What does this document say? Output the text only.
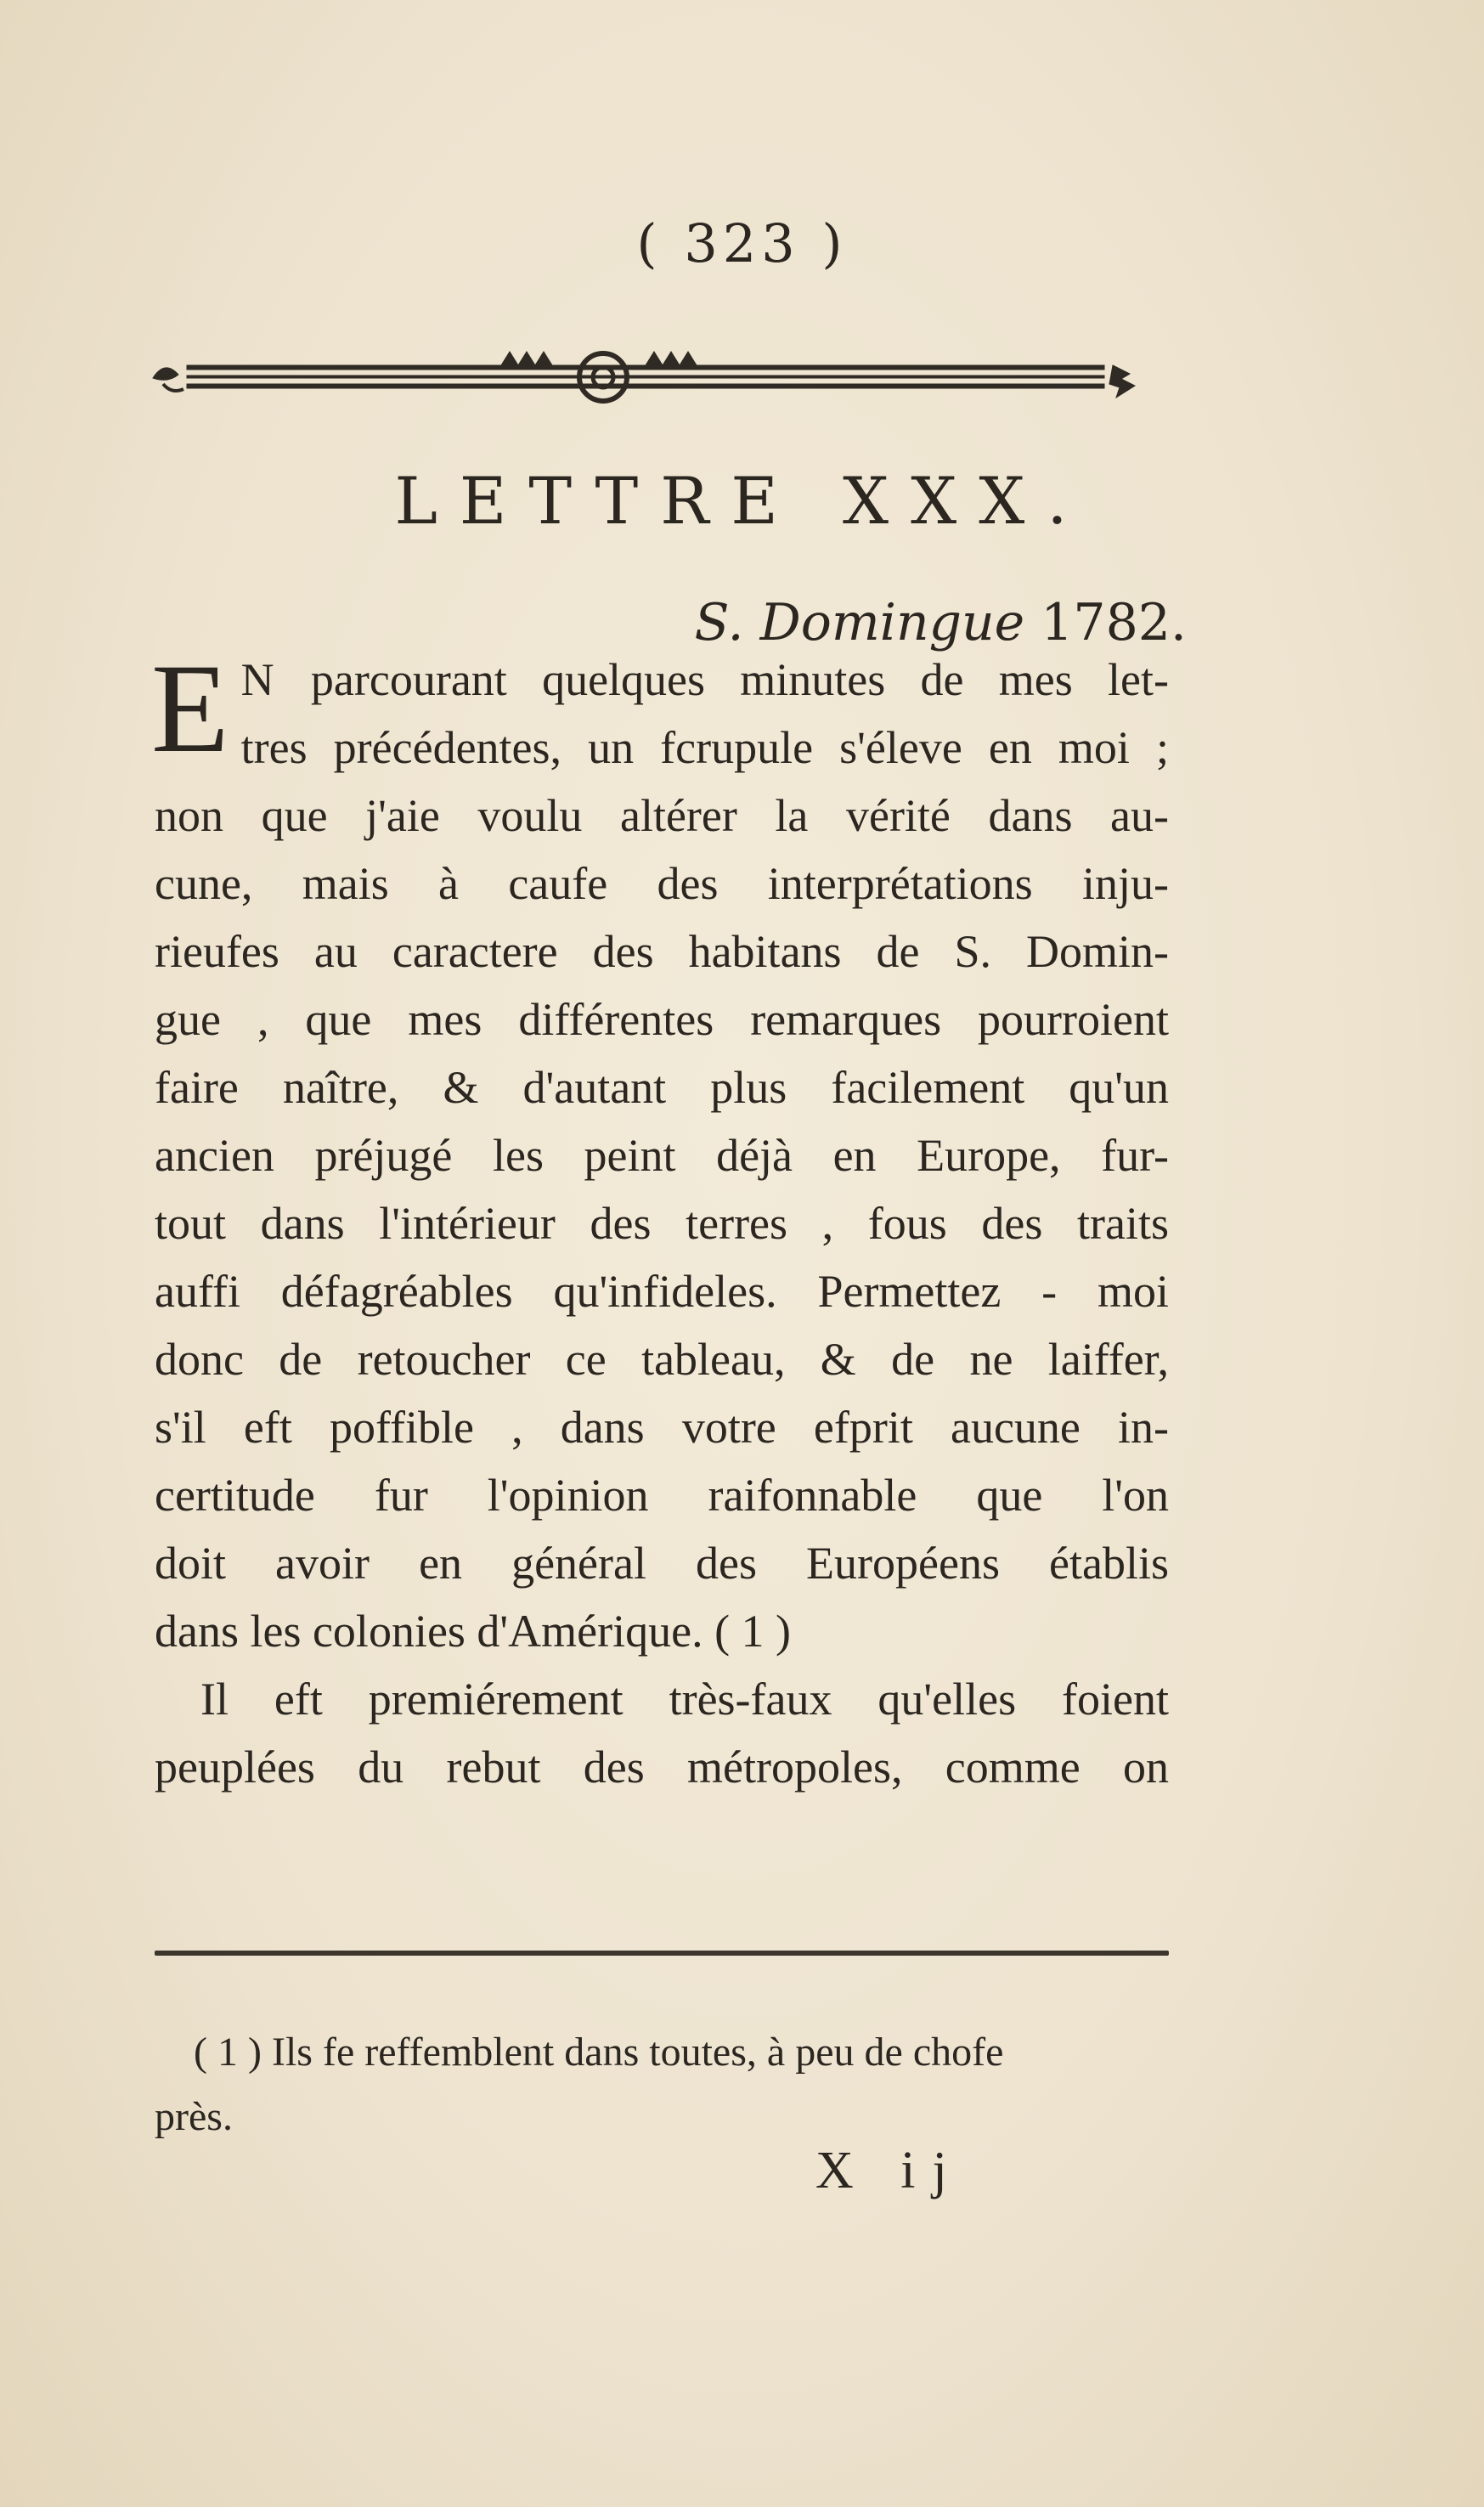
( 323 )
LETTRE XXX.
S. Domingue 1782.
E N parcourant quelques minutes de mes let-
tres précédentes, un fcrupule s'éleve en moi ;
non que j'aie voulu altérer la vérité dans au-
cune, mais à caufe des interprétations inju-
rieufes au caractere des habitans de S. Domin-
gue , que mes différentes remarques pourroient
faire naître, & d'autant plus facilement qu'un
ancien préjugé les peint déjà en Europe, fur-
tout dans l'intérieur des terres , fous des traits
auffi défagréables qu'infideles. Permettez - moi
donc de retoucher ce tableau, & de ne laiffer,
s'il eft poffible , dans votre efprit aucune in-
certitude fur l'opinion raifonnable que l'on
doit avoir en général des Européens établis
dans les colonies d'Amérique. ( 1 )
Il eft premiérement très-faux qu'elles foient
peuplées du rebut des métropoles, comme on
( 1 ) Ils fe reffemblent dans toutes, à peu de chofe
près.
X ij
